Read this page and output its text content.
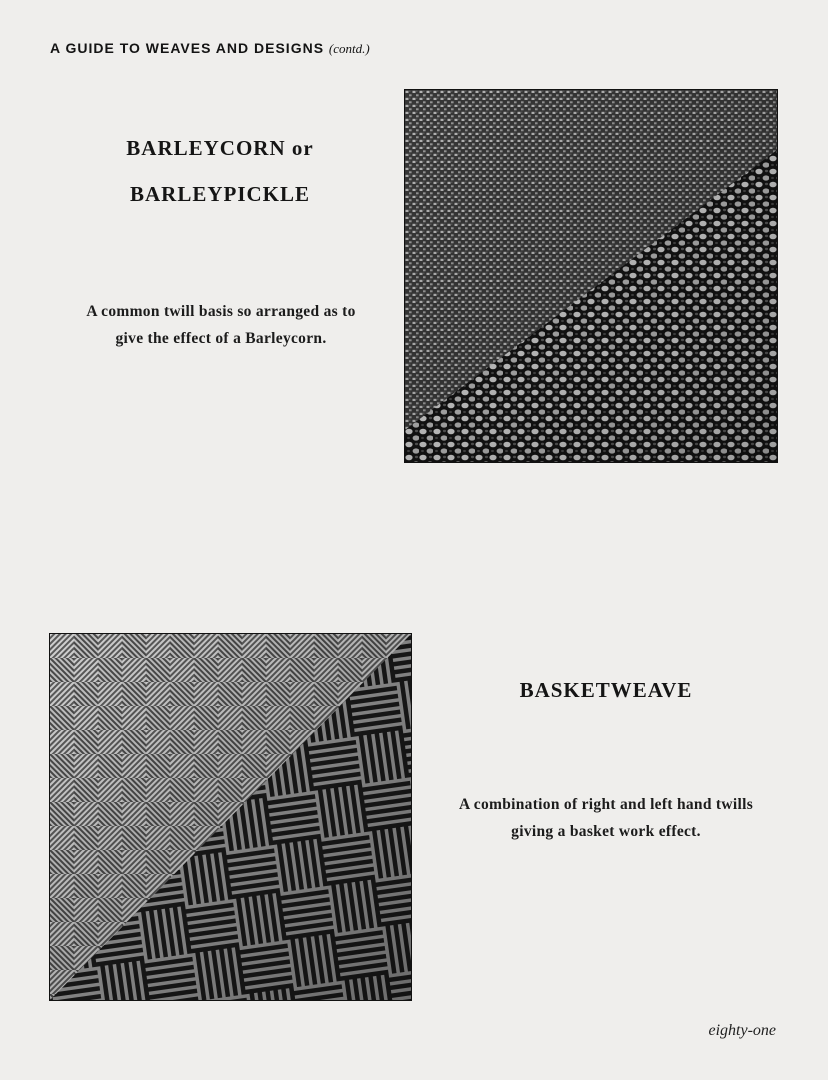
A GUIDE TO WEAVES AND DESIGNS (contd.)
BARLEYCORN or
BARLEYPICKLE
A common twill basis so arranged as to
give the effect of a Barleycorn.
BASKETWEAVE
A combination of right and left hand twills
giving a basket work effect.
eighty-one
